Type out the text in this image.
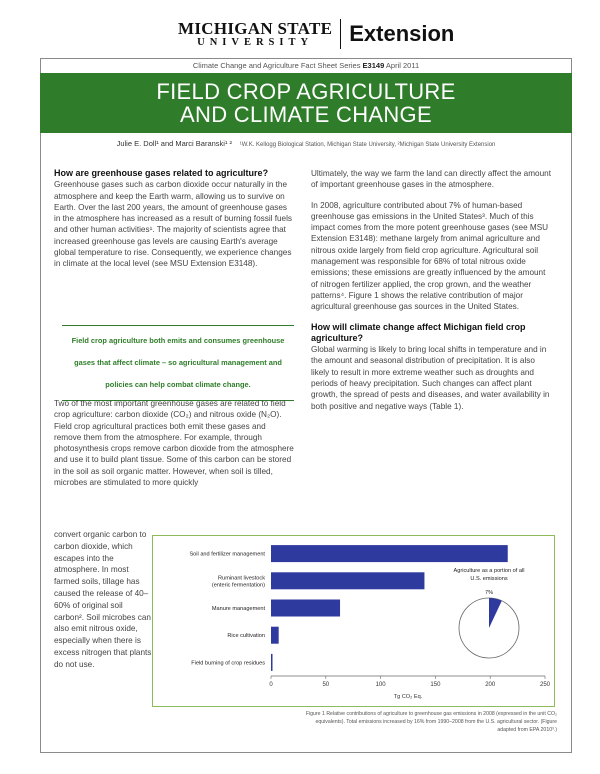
MICHIGAN STATE
UNIVERSITY	Extension
Climate Change and Agriculture Fact Sheet Series E3149 April 2011
FIELD CROP AGRICULTURE
AND CLIMATE CHANGE
Julie E. Doll¹ and Marci Baranski¹ ² ¹W.K. Kellogg Biological Station, Michigan State University, ²Michigan State University Extension
How are greenhouse gases related to agriculture?

Greenhouse gases such as carbon dioxide occur naturally in the atmosphere and keep the Earth warm, allowing us to survive on Earth. Over the last 200 years, the amount of greenhouse gases in the atmosphere has increased as a result of burning fossil fuels and other human activities¹. The majority of scientists agree that increased greenhouse gas levels are causing Earth's average global temperature to rise. Consequently, we experience changes in climate at the local level (see MSU Extension E3148).

Field crop agriculture both emits and consumes greenhouse gases that affect climate – so agricultural management and policies can help combat climate change.

Two of the most important greenhouse gases are related to field crop agriculture: carbon dioxide (CO₂) and nitrous oxide (N₂O). Field crop agricultural practices both emit these gases and remove them from the atmosphere. For example, through photosynthesis crops remove carbon dioxide from the atmosphere and use it to build plant tissue. Some of this carbon can be stored in the soil as soil organic matter. However, when soil is tilled, microbes are stimulated to more quickly

convert organic carbon to carbon dioxide, which escapes into the atmosphere. In most farmed soils, tillage has caused the release of 40–60% of original soil carbon². Soil microbes can also emit nitrous oxide, especially when there is excess nitrogen that plants do not use.

Ultimately, the way we farm the land can directly affect the amount of important greenhouse gases in the atmosphere.

In 2008, agriculture contributed about 7% of human-based greenhouse gas emissions in the United States³. Much of this impact comes from the more potent greenhouse gases (see MSU Extension E3148): methane largely from animal agriculture and nitrous oxide largely from field crop agriculture. Agricultural soil management was responsible for 68% of total nitrous oxide emissions; these emissions are greatly influenced by the amount of nitrogen fertilizer applied, the crop grown, and the weather patterns⁴. Figure 1 shows the relative contribution of major agricultural greenhouse gas sources in the United States.

How will climate change affect Michigan field crop agriculture?

Global warming is likely to bring local shifts in temperature and in the amount and seasonal distribution of precipitation. It is also likely to result in more extreme weather such as droughts and periods of heavy precipitation. Such changes can affect plant growth, the spread of pests and diseases, and water availability in both positive and negative ways (Table 1).

Soil and fertilizer management
Ruminant livestock
(enteric fermentation)
Manure management
Rice cultivation
Field burning of crop residues
0	50	100	150	200	250
Tg CO₂ Eq.
Agriculture as a portion of all
U.S. emissions
7%
Figure 1 Relative contributions of agriculture to greenhouse gas emissions in 2008 (expressed in the unit CO₂ equivalents). Total emissions increased by 16% from 1990–2008 from the U.S. agricultural sector. (Figure adapted from EPA 2010³.)
